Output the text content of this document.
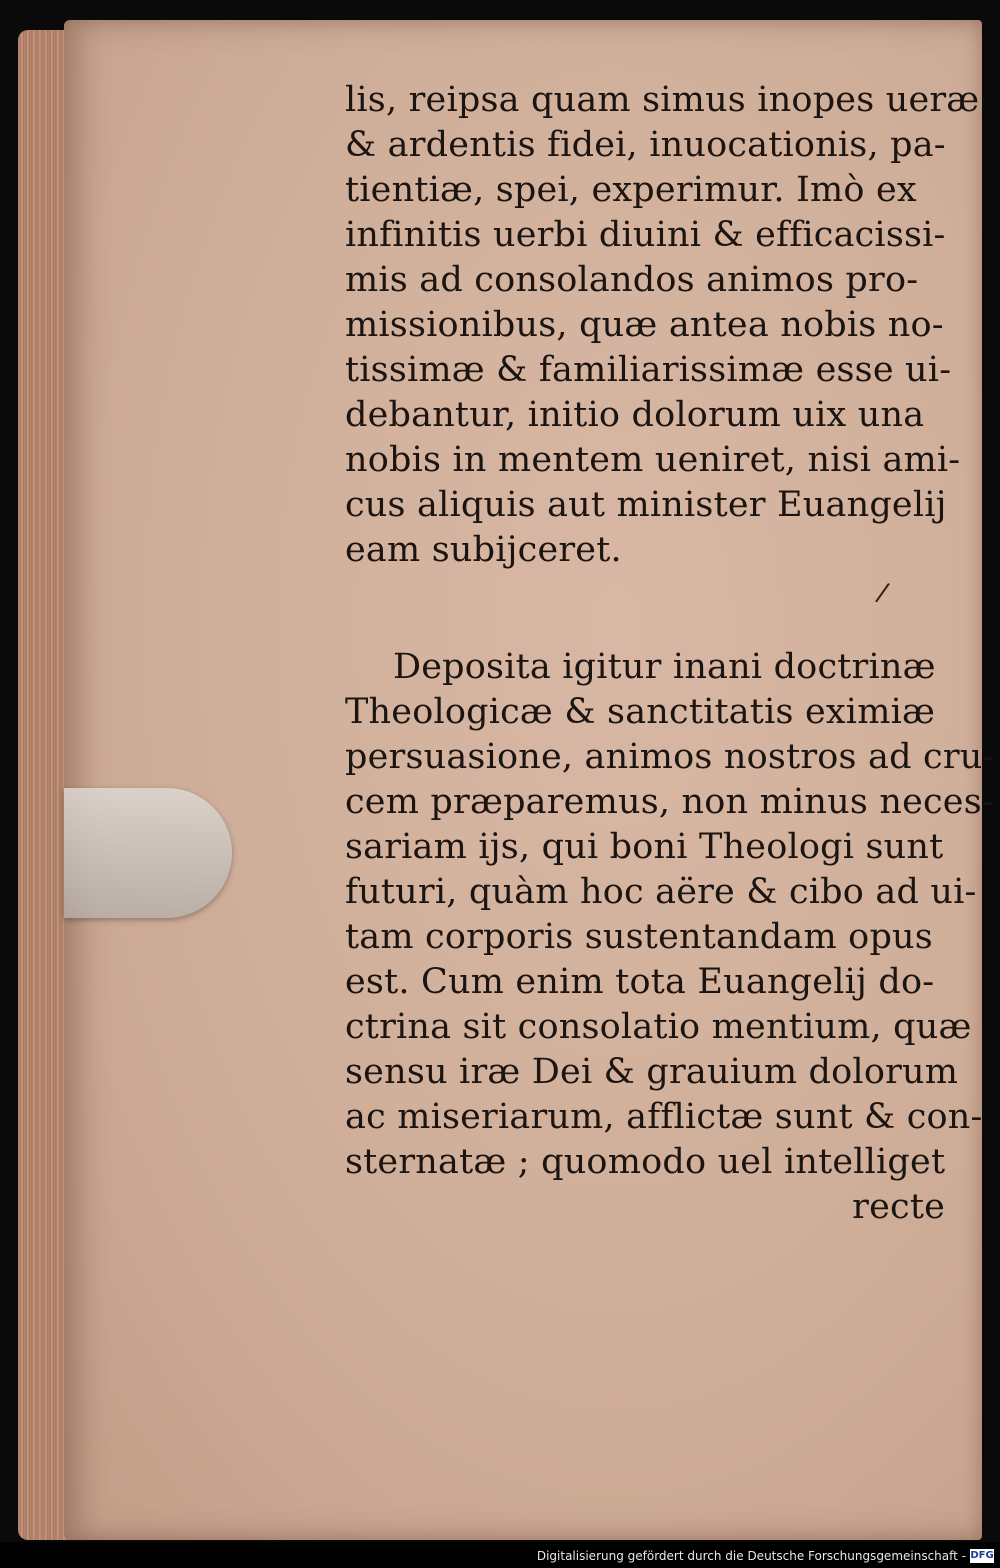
lis, reipsa quam simus inopes ueræ
& ardentis fidei, inuocationis, pa-
tientiæ, spei, experimur. Imò ex
infinitis uerbi diuini & efficacissi-
mis ad consolandos animos pro-
missionibus, quæ antea nobis no-
tissimæ & familiarissimæ esse ui-
debantur, initio dolorum uix una
nobis in mentem ueniret, nisi ami-
cus aliquis aut minister Euangelij
eam subijceret.
Deposita igitur inani doctrinæ
Theologicæ & sanctitatis eximiæ
persuasione, animos nostros ad cru-
cem præparemus, non minus neces-
sariam ijs, qui boni Theologi sunt
futuri, quàm hoc aëre & cibo ad ui-
tam corporis sustentandam opus
est. Cum enim tota Euangelij do-
ctrina sit consolatio mentium, quæ
sensu iræ Dei & grauium dolorum
ac miseriarum, afflictæ sunt & con-
sternatæ ; quomodo uel intelliget
recte
/
Digitalisierung gefördert durch die Deutsche Forschungsgemeinschaft - DFG
